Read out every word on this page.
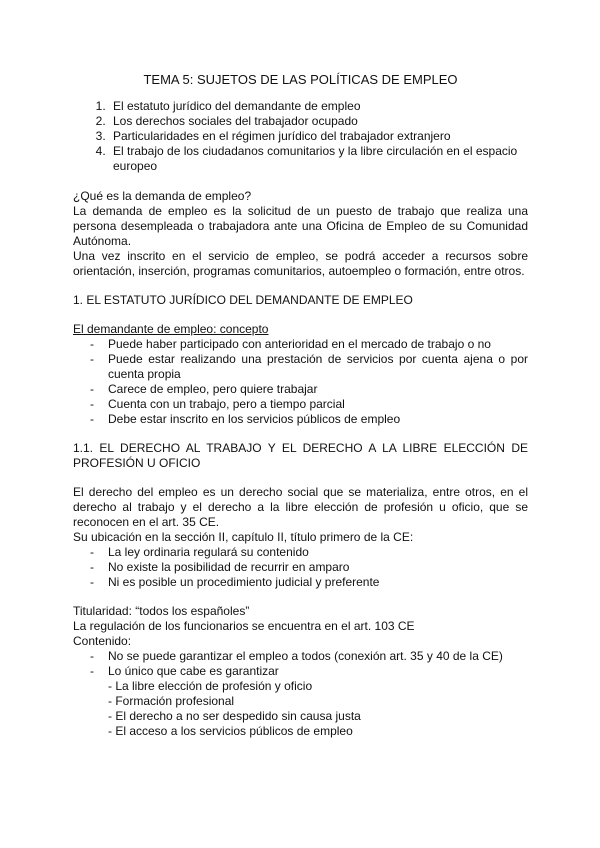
TEMA 5: SUJETOS DE LAS POLÍTICAS DE EMPLEO
1. El estatuto jurídico del demandante de empleo
2. Los derechos sociales del trabajador ocupado
3. Particularidades en el régimen jurídico del trabajador extranjero
4. El trabajo de los ciudadanos comunitarios y la libre circulación en el espacio europeo

¿Qué es la demanda de empleo?

La demanda de empleo es la solicitud de un puesto de trabajo que realiza una persona desempleada o trabajadora ante una Oficina de Empleo de su Comunidad Autónoma.

Una vez inscrito en el servicio de empleo, se podrá acceder a recursos sobre orientación, inserción, programas comunitarios, autoempleo o formación, entre otros.

1. EL ESTATUTO JURÍDICO DEL DEMANDANTE DE EMPLEO

El demandante de empleo: concepto

- Puede haber participado con anterioridad en el mercado de trabajo o no
- Puede estar realizando una prestación de servicios por cuenta ajena o por cuenta propia
- Carece de empleo, pero quiere trabajar
- Cuenta con un trabajo, pero a tiempo parcial
- Debe estar inscrito en los servicios públicos de empleo

1.1. EL DERECHO AL TRABAJO Y EL DERECHO A LA LIBRE ELECCIÓN DE PROFESIÓN U OFICIO

El derecho del empleo es un derecho social que se materializa, entre otros, en el derecho al trabajo y el derecho a la libre elección de profesión u oficio, que se reconocen en el art. 35 CE.

Su ubicación en la sección II, capítulo II, título primero de la CE:

- La ley ordinaria regulará su contenido
- No existe la posibilidad de recurrir en amparo
- Ni es posible un procedimiento judicial y preferente

Titularidad: “todos los españoles”

La regulación de los funcionarios se encuentra en el art. 103 CE

Contenido:

- No se puede garantizar el empleo a todos (conexión art. 35 y 40 de la CE)
- Lo único que cabe es garantizar
- La libre elección de profesión y oficio
- Formación profesional
- El derecho a no ser despedido sin causa justa
- El acceso a los servicios públicos de empleo
